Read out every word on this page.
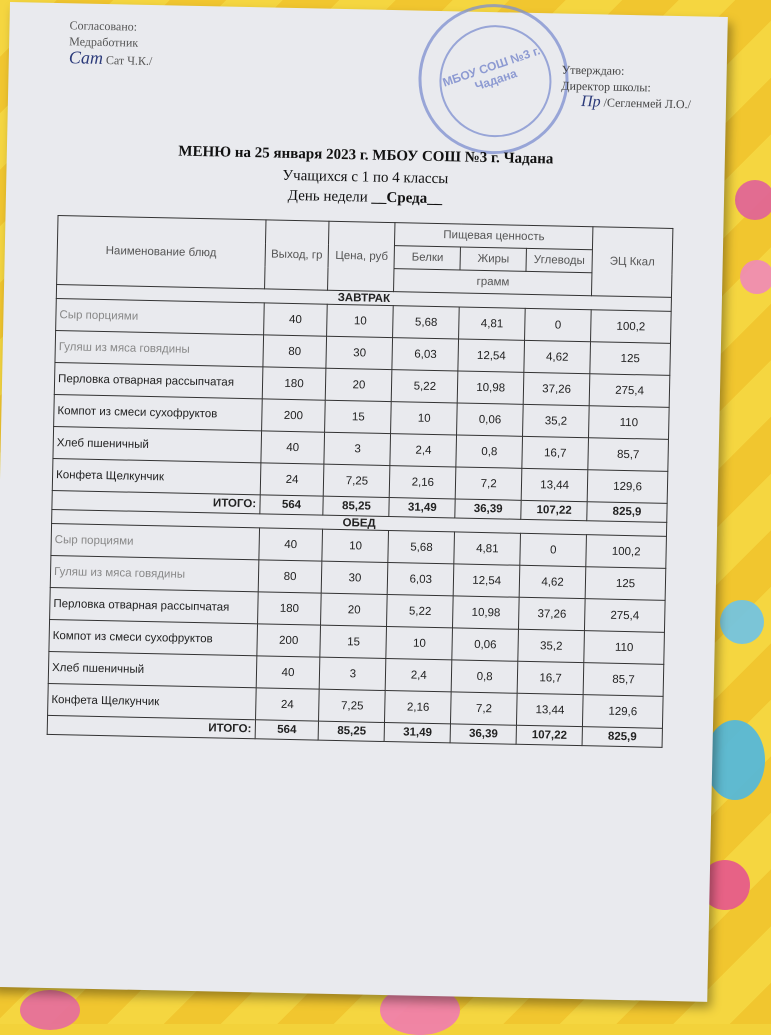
Согласовано:
Медработник
Сат Сат Ч.К./	МБОУ СОШ №3 г. Чадана	Утверждаю:
Директор школы:
Пр /Сегленмей Л.О./
МЕНЮ на 25 января 2023 г. МБОУ СОШ №3 г. Чадана
Учащихся с 1 по 4 классы
День недели __Среда__
Наименование блюд	Выход, гр	Цена, руб	Пищевая ценность			ЭЦ Ккал
			Белки	Жиры	Углеводы	
			грамм			
ЗАВТРАК						
Сыр порциями	40	10	5,68	4,81	0	100,2
Гуляш из мяса говядины	80	30	6,03	12,54	4,62	125
Перловка отварная рассыпчатая	180	20	5,22	10,98	37,26	275,4
Компот из смеси сухофруктов	200	15	10	0,06	35,2	110
Хлеб пшеничный	40	3	2,4	0,8	16,7	85,7
Конфета Щелкунчик	24	7,25	2,16	7,2	13,44	129,6
ИТОГО:	564	85,25	31,49	36,39	107,22	825,9
ОБЕД						
Сыр порциями	40	10	5,68	4,81	0	100,2
Гуляш из мяса говядины	80	30	6,03	12,54	4,62	125
Перловка отварная рассыпчатая	180	20	5,22	10,98	37,26	275,4
Компот из смеси сухофруктов	200	15	10	0,06	35,2	110
Хлеб пшеничный	40	3	2,4	0,8	16,7	85,7
Конфета Щелкунчик	24	7,25	2,16	7,2	13,44	129,6
ИТОГО:	564	85,25	31,49	36,39	107,22	825,9
